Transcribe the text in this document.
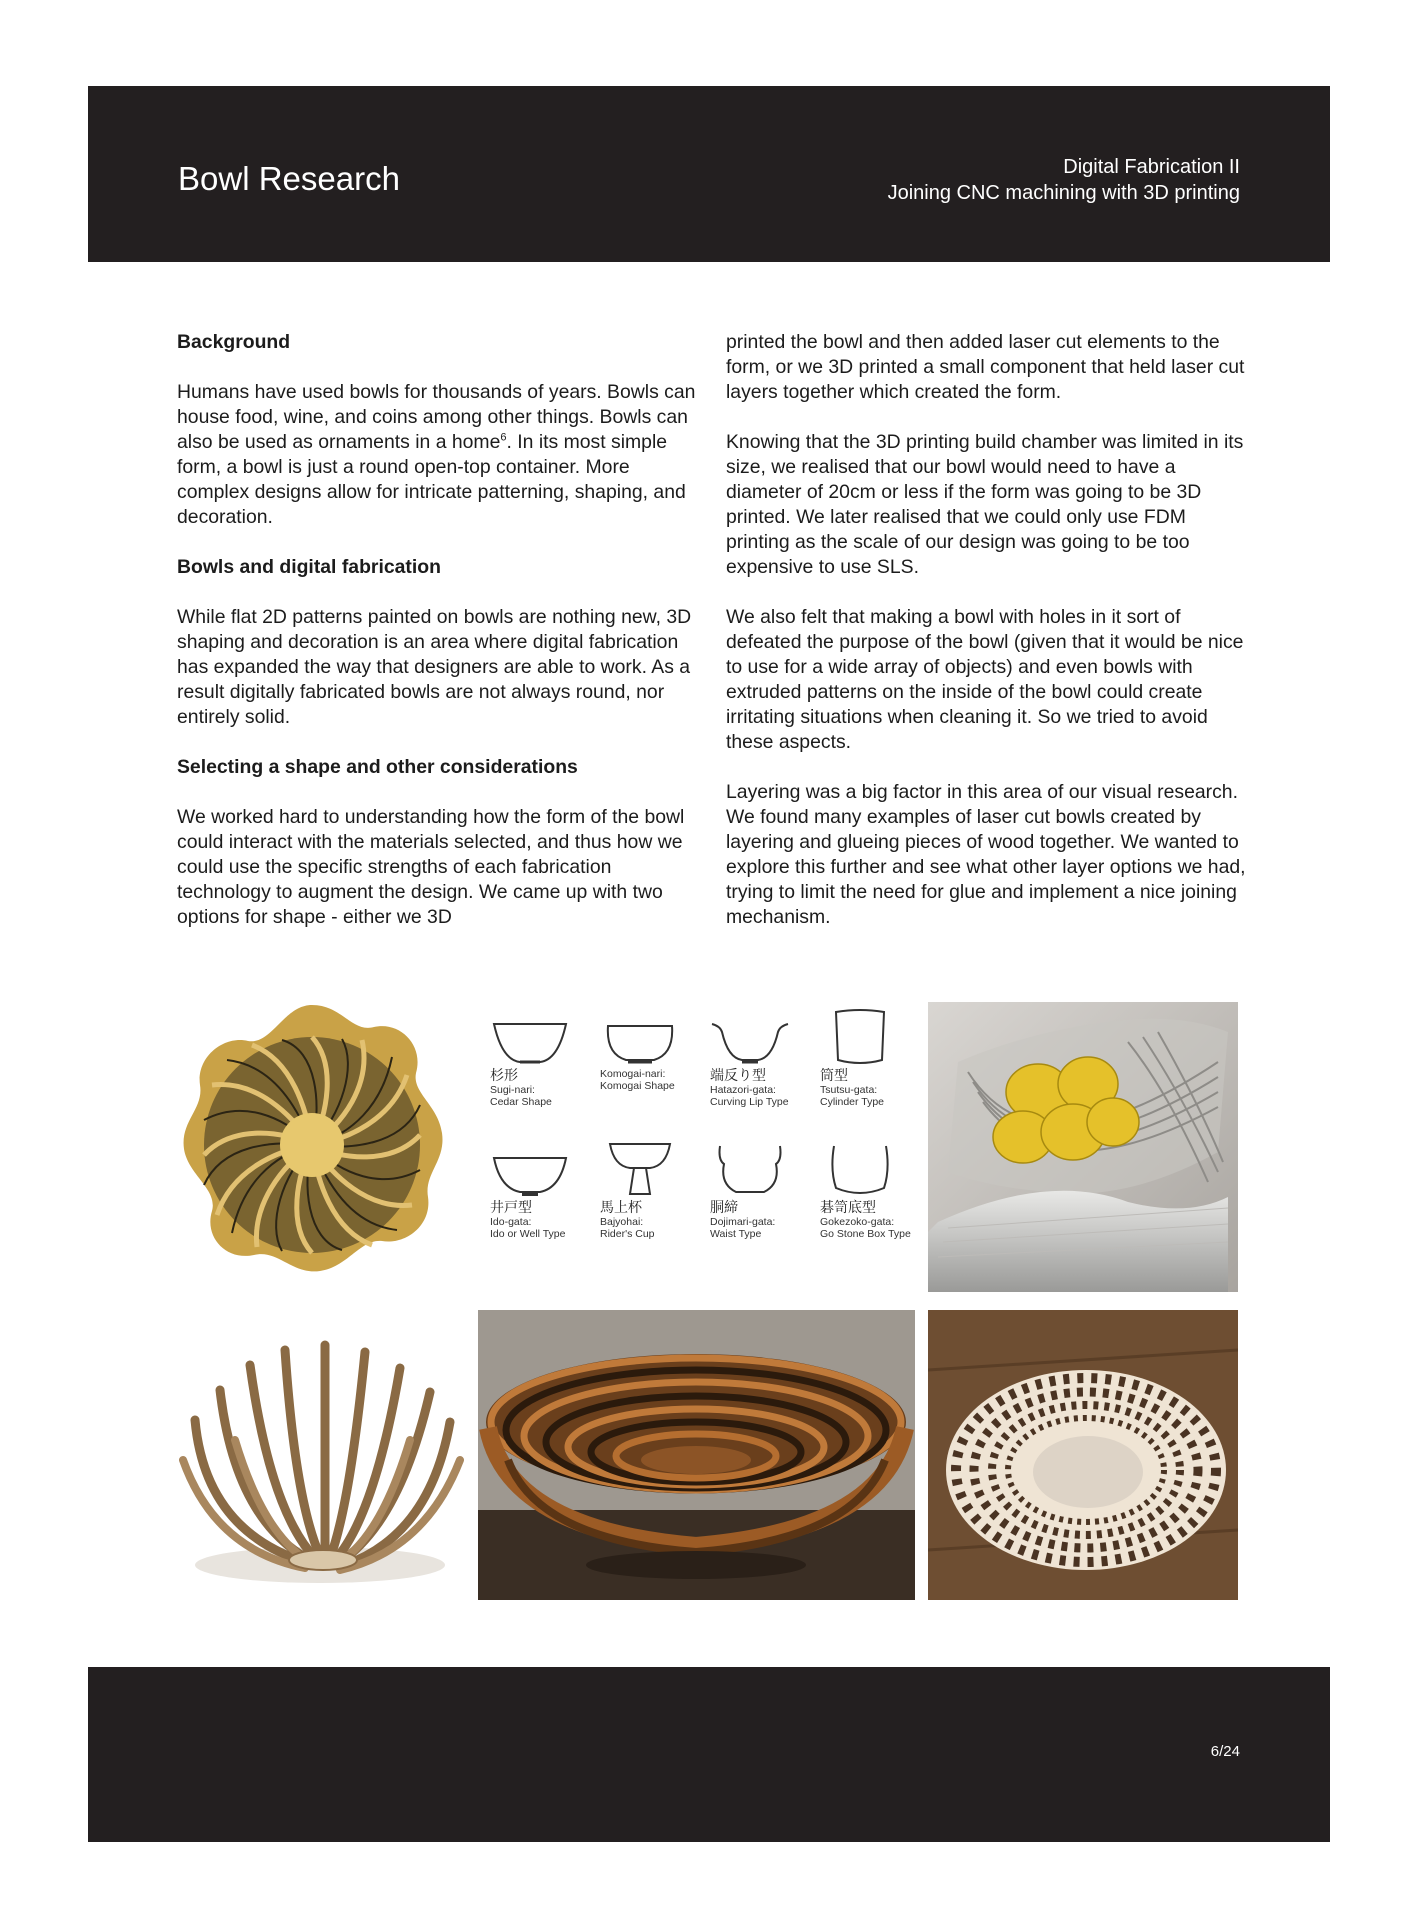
Bowl Research	Digital Fabrication II
Joining CNC machining with 3D printing
Background

Humans have used bowls for thousands of years. Bowls can house food, wine, and coins among other things. Bowls can also be used as ornaments in a home$^6$. In its most simple form, a bowl is just a round open-top container. More complex designs allow for intricate patterning, shaping, and decoration.

Bowls and digital fabrication

While flat 2D patterns painted on bowls are nothing new, 3D shaping and decoration is an area where digital fabrication has expanded the way that designers are able to work. As a result digitally fabricated bowls are not always round, nor entirely solid.

Selecting a shape and other considerations

We worked hard to understanding how the form of the bowl could interact with the materials selected, and thus how we could use the specific strengths of each fabrication technology to augment the design. We came up with two options for shape - either we 3D

printed the bowl and then added laser cut elements to the form, or we 3D printed a small component that held laser cut layers together which created the form.

Knowing that the 3D printing build chamber was limited in its size, we realised that our bowl would need to have a diameter of 20cm or less if the form was going to be 3D printed. We later realised that we could only use FDM printing as the scale of our design was going to be too expensive to use SLS.

We also felt that making a bowl with holes in it sort of defeated the purpose of the bowl (given that it would be nice to use for a wide array of objects) and even bowls with extruded patterns on the inside of the bowl could create irritating situations when cleaning it. So we tried to avoid these aspects.

Layering was a big factor in this area of our visual research. We found many examples of laser cut bowls created by layering and glueing pieces of wood together. We wanted to explore this further and see what other layer options we had, trying to limit the need for glue and implement a nice joining mechanism.

杉形
Sugi-nari:
Cedar Shape
Komogai-nari:
Komogai Shape
端反り型
Hatazori-gata:
Curving Lip Type
筒型
Tsutsu-gata:
Cylinder Type
井戸型
Ido-gata:
Ido or Well Type
馬上杯
Bajyohai:
Rider's Cup
胴締
Dojimari-gata:
Waist Type
碁笥底型
Gokezoko-gata:
Go Stone Box Type
6/24
